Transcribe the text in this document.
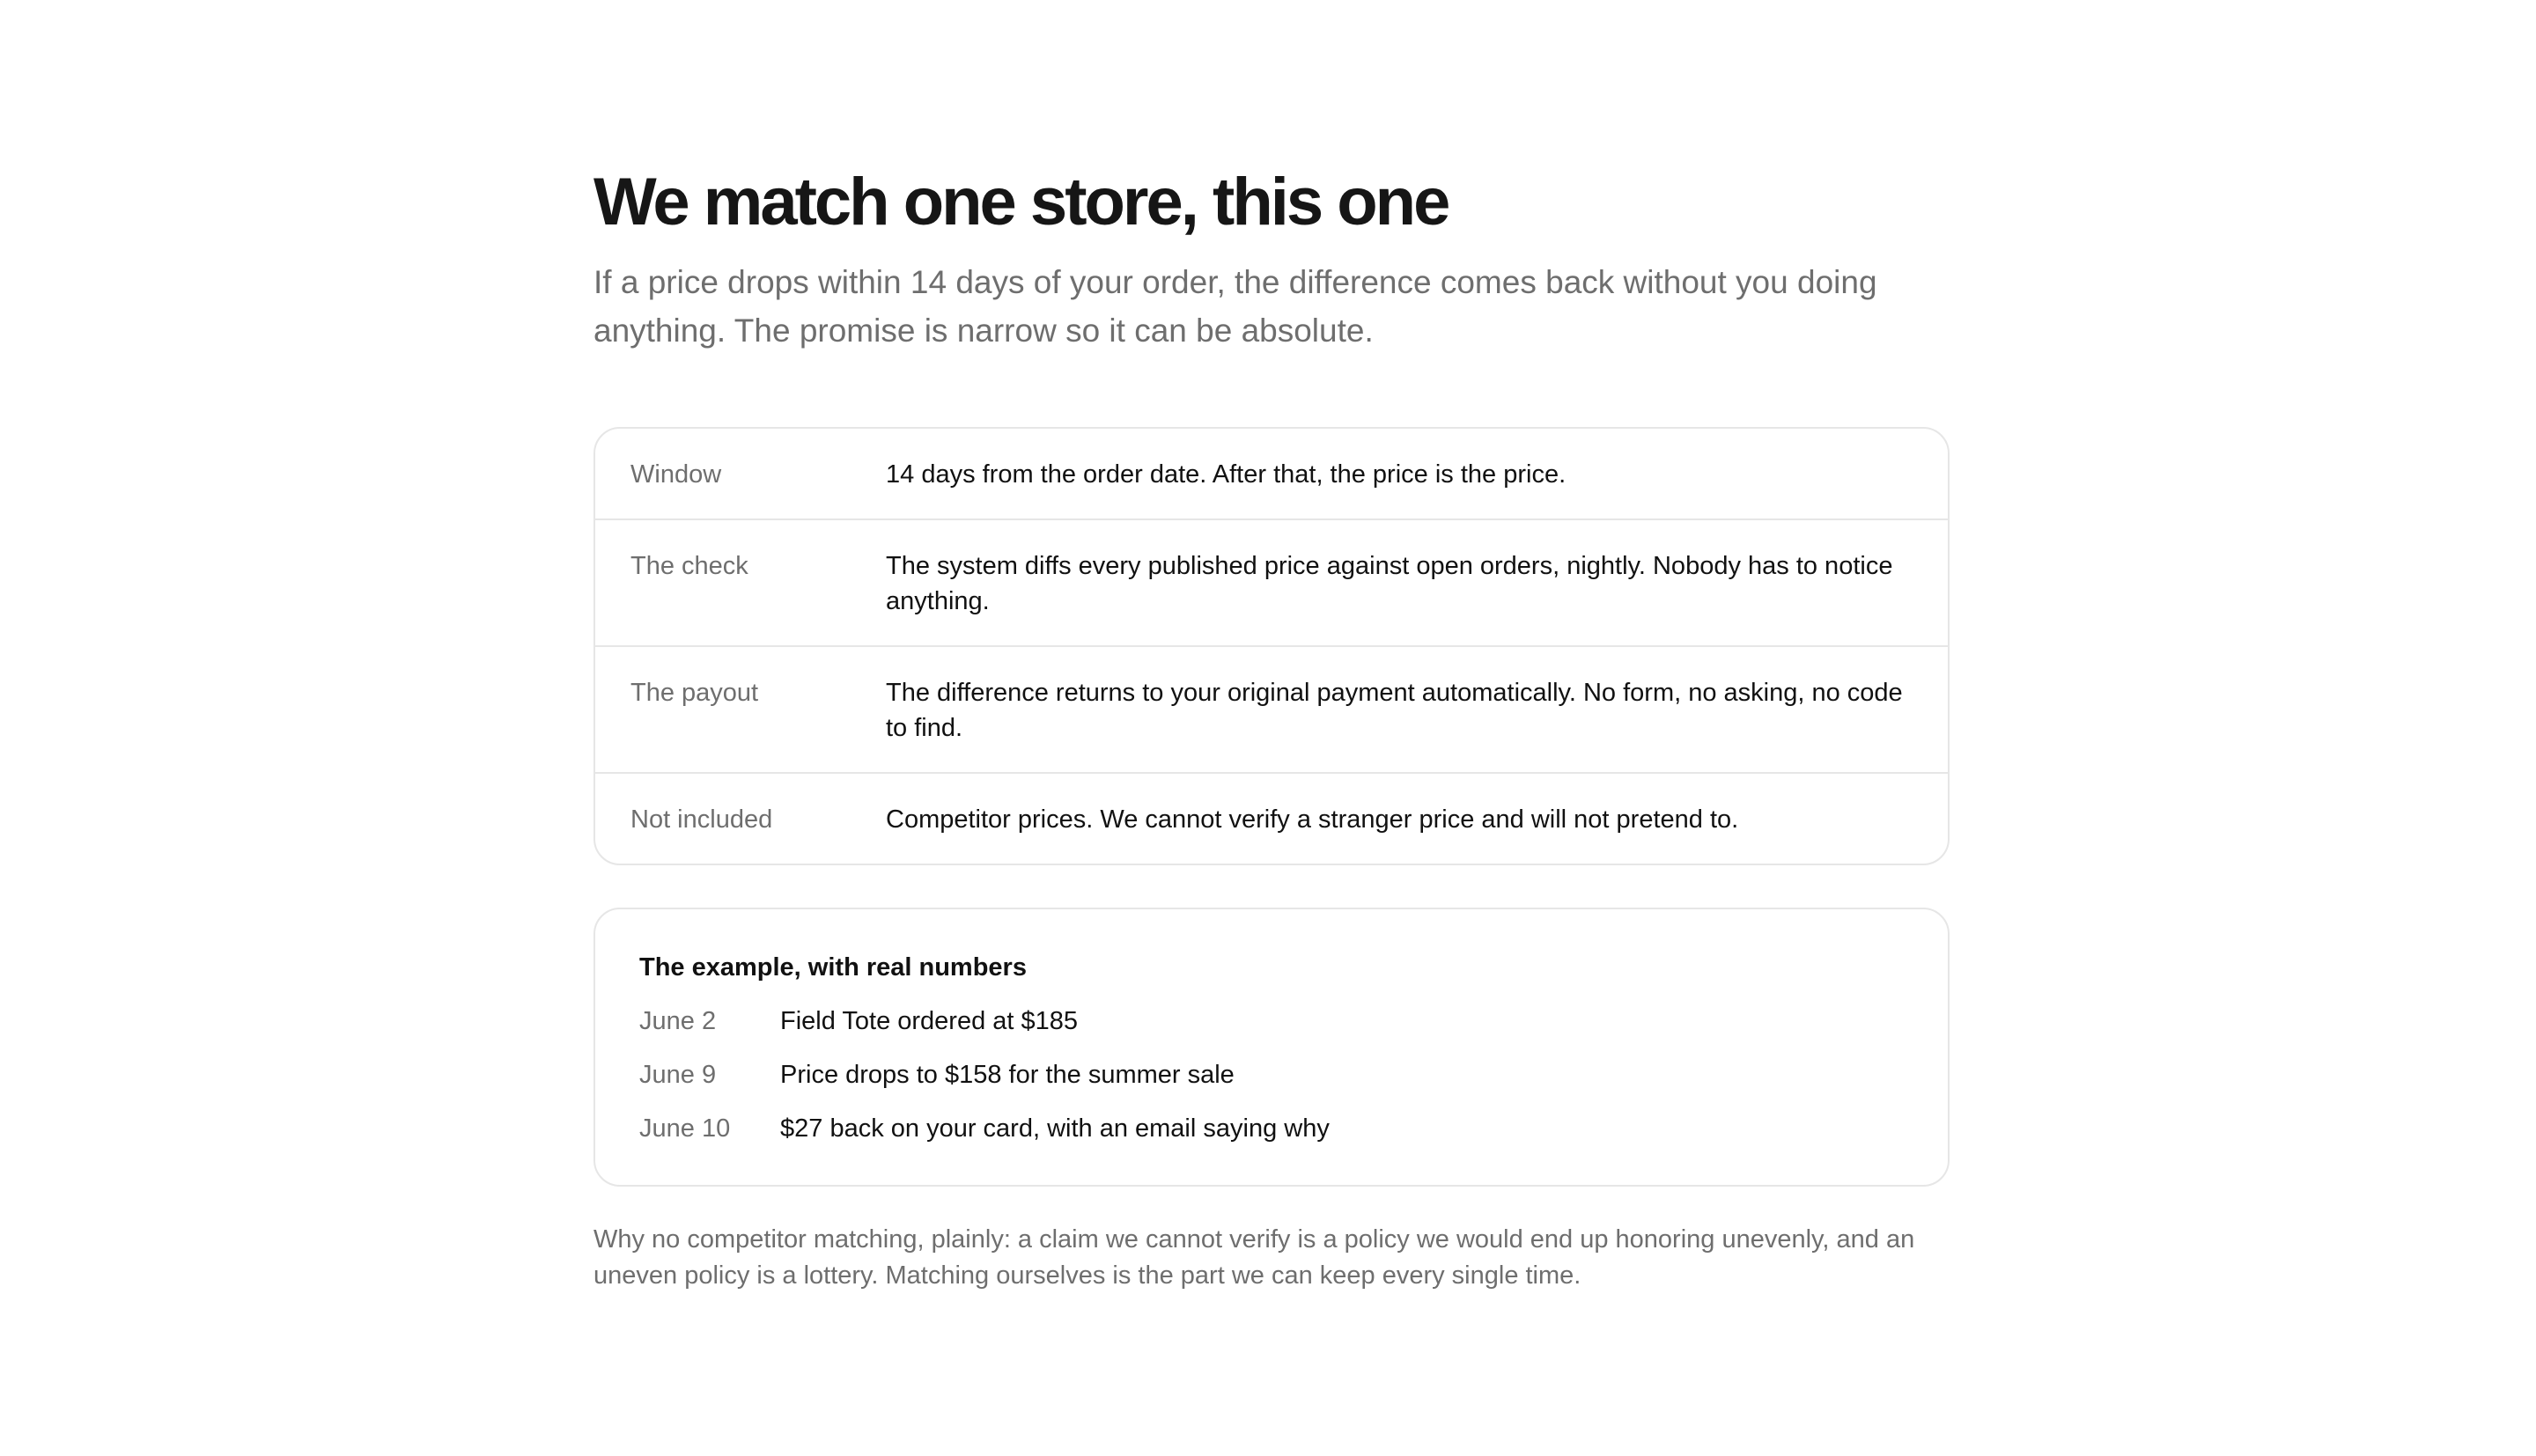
We match one store, this one

If a price drops within 14 days of your order, the difference comes back without you doing anything. The promise is narrow so it can be absolute.

Window	14 days from the order date. After that, the price is the price.
The check	The system diffs every published price against open orders, nightly. Nobody has to notice anything.
The payout	The difference returns to your original payment automatically. No form, no asking, no code to find.
Not included	Competitor prices. We cannot verify a stranger price and will not pretend to.
The example, with real numbers
June 2	Field Tote ordered at $185
June 9	Price drops to $158 for the summer sale
June 10	$27 back on your card, with an email saying why

Why no competitor matching, plainly: a claim we cannot verify is a policy we would end up honoring unevenly, and an uneven policy is a lottery. Matching ourselves is the part we can keep every single time.
